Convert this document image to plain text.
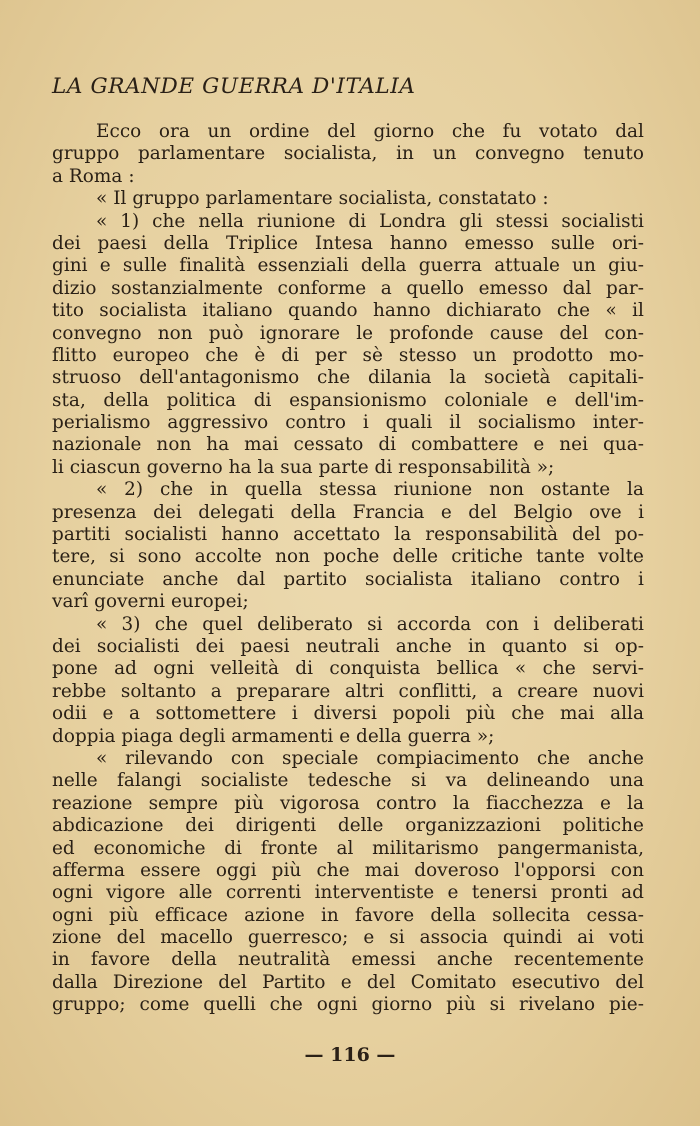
LA GRANDE GUERRA D'ITALIA
Ecco ora un ordine del giorno che fu votato dal
gruppo parlamentare socialista, in un convegno tenuto
a Roma :
« Il gruppo parlamentare socialista, constatato :
« 1) che nella riunione di Londra gli stessi socialisti
dei paesi della Triplice Intesa hanno emesso sulle ori-
gini e sulle finalità essenziali della guerra attuale un giu-
dizio sostanzialmente conforme a quello emesso dal par-
tito socialista italiano quando hanno dichiarato che « il
convegno non può ignorare le profonde cause del con-
flitto europeo che è di per sè stesso un prodotto mo-
struoso dell'antagonismo che dilania la società capitali-
sta, della politica di espansionismo coloniale e dell'im-
perialismo aggressivo contro i quali il socialismo inter-
nazionale non ha mai cessato di combattere e nei qua-
li ciascun governo ha la sua parte di responsabilità »;
« 2) che in quella stessa riunione non ostante la
presenza dei delegati della Francia e del Belgio ove i
partiti socialisti hanno accettato la responsabilità del po-
tere, si sono accolte non poche delle critiche tante volte
enunciate anche dal partito socialista italiano contro i
varî governi europei;
« 3) che quel deliberato si accorda con i deliberati
dei socialisti dei paesi neutrali anche in quanto si op-
pone ad ogni velleità di conquista bellica « che servi-
rebbe soltanto a preparare altri conflitti, a creare nuovi
odii e a sottomettere i diversi popoli più che mai alla
doppia piaga degli armamenti e della guerra »;
« rilevando con speciale compiacimento che anche
nelle falangi socialiste tedesche si va delineando una
reazione sempre più vigorosa contro la fiacchezza e la
abdicazione dei dirigenti delle organizzazioni politiche
ed economiche di fronte al militarismo pangermanista,
afferma essere oggi più che mai doveroso l'opporsi con
ogni vigore alle correnti interventiste e tenersi pronti ad
ogni più efficace azione in favore della sollecita cessa-
zione del macello guerresco; e si associa quindi ai voti
in favore della neutralità emessi anche recentemente
dalla Direzione del Partito e del Comitato esecutivo del
gruppo; come quelli che ogni giorno più si rivelano pie-
— 116 —
